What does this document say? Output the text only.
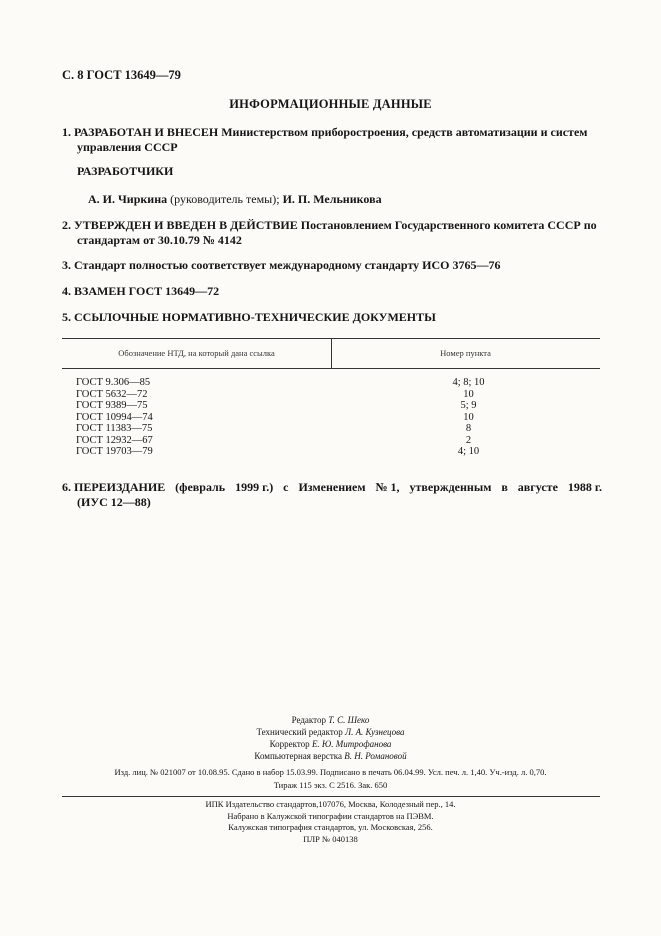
С. 8 ГОСТ 13649—79
ИНФОРМАЦИОННЫЕ ДАННЫЕ
1. РАЗРАБОТАН И ВНЕСЕН Министерством приборостроения, средств автоматизации и систем
управления СССР
РАЗРАБОТЧИКИ
А. И. Чиркина (руководитель темы); И. П. Мельникова
2. УТВЕРЖДЕН И ВВЕДЕН В ДЕЙСТВИЕ Постановлением Государственного комитета СССР по
стандартам от 30.10.79 № 4142
3. Стандарт полностью соответствует международному стандарту ИСО 3765—76
4. ВЗАМЕН ГОСТ 13649—72
5. ССЫЛОЧНЫЕ НОРМАТИВНО-ТЕХНИЧЕСКИЕ ДОКУМЕНТЫ
Обозначение НТД, на который дана ссылка	Номер пункта
ГОСТ 9.306—85	4; 8; 10
ГОСТ 5632—72	10
ГОСТ 9389—75	5; 9
ГОСТ 10994—74	10
ГОСТ 11383—75	8
ГОСТ 12932—67	2
ГОСТ 19703—79	4; 10
6. ПЕРЕИЗДАНИЕ (февраль 1999 г.) с Изменением № 1, утвержденным в августе 1988 г.
(ИУС 12—88)
Редактор Т. С. Шеко
Технический редактор Л. А. Кузнецова
Корректор Е. Ю. Митрофанова
Компьютерная верстка В. Н. Романовой
Изд. лиц. № 021007 от 10.08.95. Сдано в набор 15.03.99. Подписано в печать 06.04.99. Усл. печ. л. 1,40. Уч.-изд. л. 0,70.
Тираж 115 экз. С 2516. Зак. 650
ИПК Издательство стандартов,107076, Москва, Колодезный пер., 14.
Набрано в Калужской типографии стандартов на ПЭВМ.
Калужская типография стандартов, ул. Московская, 256.
ПЛР № 040138
